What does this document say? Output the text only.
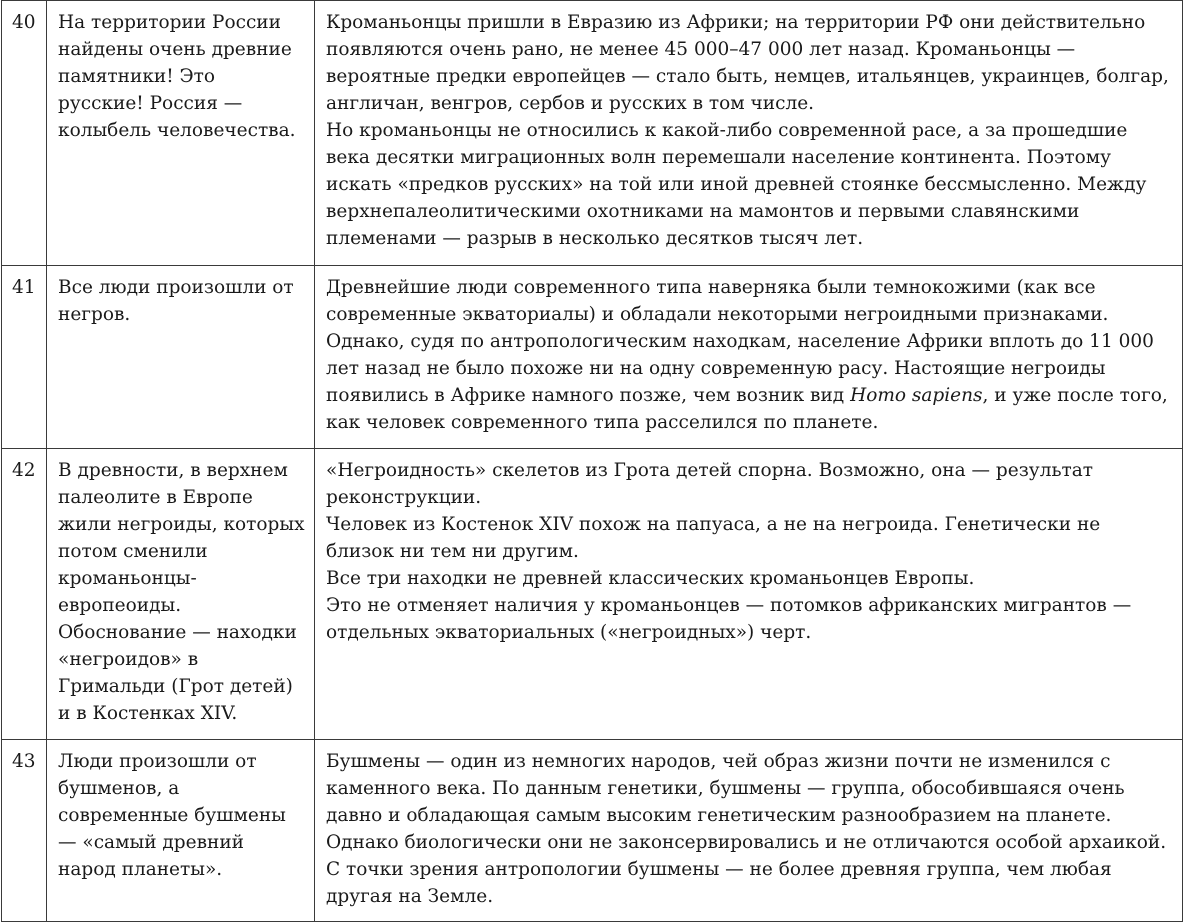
40	На территории России найдены очень древние памятники! Это русские! Россия — колыбель человечества.	Кроманьонцы пришли в Евразию из Африки; на территории РФ они действительно появляются очень рано, не менее 45 000–47 000 лет назад. Кроманьонцы — вероятные предки европейцев — стало быть, немцев, итальянцев, украинцев, болгар, англичан, венгров, сербов и русских в том числе.
Но кроманьонцы не относились к какой-либо современной расе, а за прошедшие века десятки миграционных волн перемешали население континента. Поэтому искать «предков русских» на той или иной древней стоянке бессмысленно. Между верхнепалеолитическими охотниками на мамонтов и первыми славянскими племенами — разрыв в несколько десятков тысяч лет.

41	Все люди произошли от негров.	Древнейшие люди современного типа наверняка были темнокожими (как все современные экваториалы) и обладали некоторыми негроидными признаками.
Однако, судя по антропологическим находкам, население Африки вплоть до 11 000 лет назад не было похоже ни на одну современную расу. Настоящие негроиды появились в Африке намного позже, чем возник вид Homo sapiens, и уже после того, как человек современного типа расселился по планете.

42	В древности, в верхнем палеолите в Европе жили негроиды, которых потом сменили кроманьонцы-европеоиды. Обоснование — находки «негроидов» в Гримальди (Грот детей) и в Костенках XIV.	«Негроидность» скелетов из Грота детей спорна. Возможно, она — результат реконструкции.
Человек из Костенок XIV похож на папуаса, а не на негроида. Генетически не близок ни тем ни другим.
Все три находки не древней классических кроманьонцев Европы.
Это не отменяет наличия у кроманьонцев — потомков африканских мигрантов — отдельных экваториальных («негроидных») черт.

43	Люди произошли от бушменов, а современные бушмены — «самый древний народ планеты».	Бушмены — один из немногих народов, чей образ жизни почти не изменился с каменного века. По данным генетики, бушмены — группа, обособившаяся очень давно и обладающая самым высоким генетическим разнообразием на планете.
Однако биологически они не законсервировались и не отличаются особой архаикой. С точки зрения антропологии бушмены — не более древняя группа, чем любая другая на Земле.
